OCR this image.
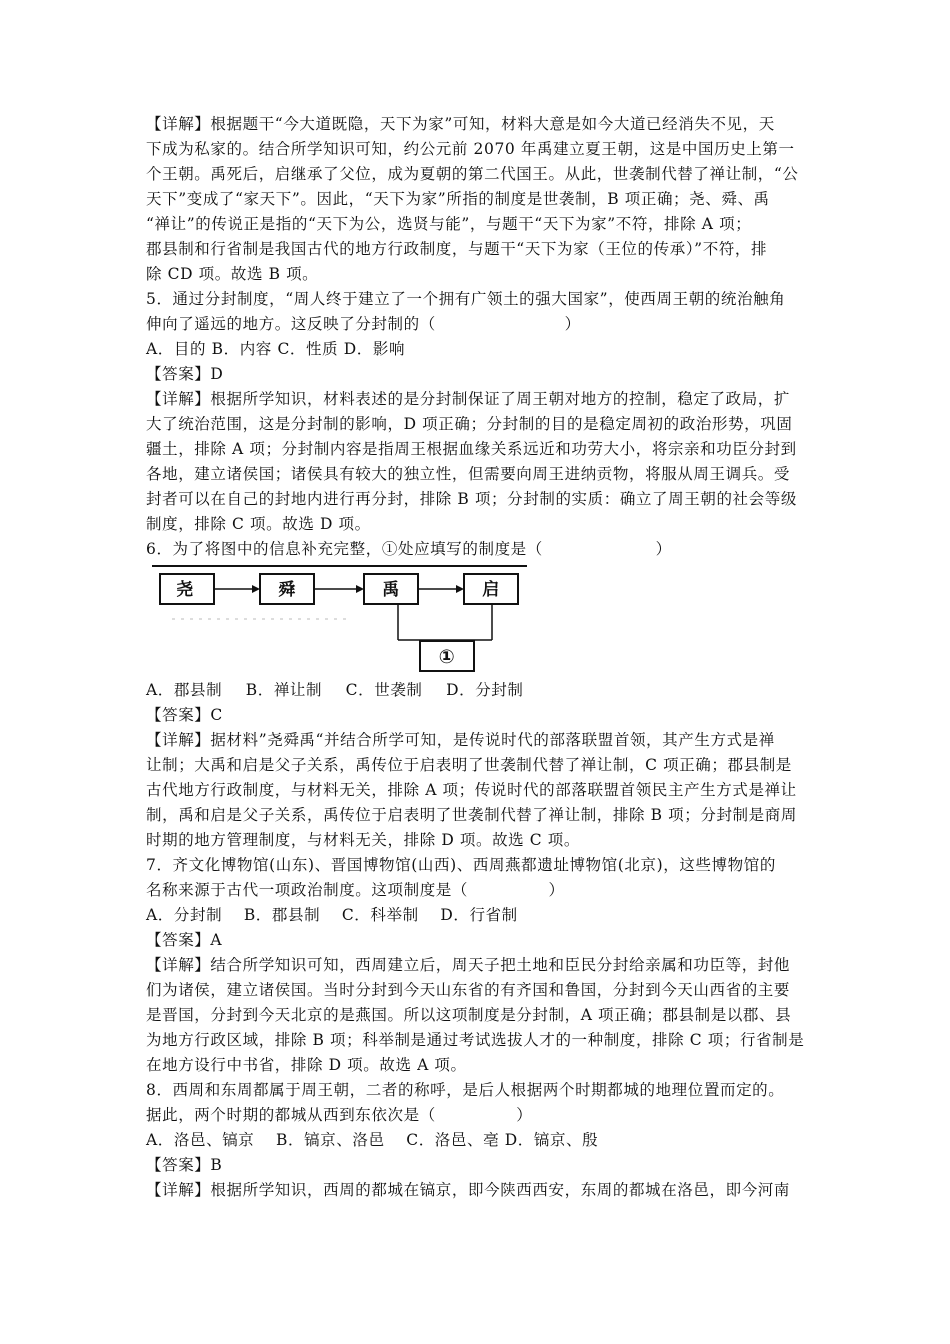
【详解】根据题干“今大道既隐，天下为家”可知，材料大意是如今大道已经消失不见，天
下成为私家的。结合所学知识可知，约公元前 2070 年禹建立夏王朝，这是中国历史上第一
个王朝。禹死后，启继承了父位，成为夏朝的第二代国王。从此，世袭制代替了禅让制，“公
天下”变成了“家天下”。因此，“天下为家”所指的制度是世袭制，B 项正确；尧、舜、禹
“禅让”的传说正是指的“天下为公，选贤与能”，与题干“天下为家”不符，排除 A 项；
郡县制和行省制是我国古代的地方行政制度，与题干“天下为家（王位的传承）”不符，排
除 CD 项。故选 B 项。
5．通过分封制度，“周人终于建立了一个拥有广领土的强大国家”，使西周王朝的统治触角
伸向了遥远的地方。这反映了分封制的（　　　　　　　　）
A．目的 B．内容 C．性质 D．影响
【答案】D
【详解】根据所学知识，材料表述的是分封制保证了周王朝对地方的控制，稳定了政局，扩
大了统治范围，这是分封制的影响，D 项正确；分封制的目的是稳定周初的政治形势，巩固
疆土，排除 A 项；分封制内容是指周王根据血缘关系远近和功劳大小，将宗亲和功臣分封到
各地，建立诸侯国；诸侯具有较大的独立性，但需要向周王进纳贡物，将服从周王调兵。受
封者可以在自己的封地内进行再分封，排除 B 项；分封制的实质：确立了周王朝的社会等级
制度，排除 C 项。故选 D 项。
6．为了将图中的信息补充完整，①处应填写的制度是（　　　　　　　）
尧	舜	禹	启
①
A．郡县制 B．禅让制 C．世袭制 D．分封制
【答案】C
【详解】据材料”尧舜禹“并结合所学可知，是传说时代的部落联盟首领，其产生方式是禅
让制；大禹和启是父子关系，禹传位于启表明了世袭制代替了禅让制，C 项正确；郡县制是
古代地方行政制度，与材料无关，排除 A 项；传说时代的部落联盟首领民主产生方式是禅让
制，禹和启是父子关系，禹传位于启表明了世袭制代替了禅让制，排除 B 项；分封制是商周
时期的地方管理制度，与材料无关，排除 D 项。故选 C 项。
7．齐文化博物馆(山东)、晋国博物馆(山西)、西周燕都遗址博物馆(北京)，这些博物馆的
名称来源于古代一项政治制度。这项制度是（　　　　　）
A．分封制　 B．郡县制　 C．科举制　 D．行省制
【答案】A
【详解】结合所学知识可知，西周建立后，周天子把土地和臣民分封给亲属和功臣等，封他
们为诸侯，建立诸侯国。当时分封到今天山东省的有齐国和鲁国，分封到今天山西省的主要
是晋国，分封到今天北京的是燕国。所以这项制度是分封制，A 项正确；郡县制是以郡、县
为地方行政区域，排除 B 项；科举制是通过考试选拔人才的一种制度，排除 C 项；行省制是
在地方设行中书省，排除 D 项。故选 A 项。
8．西周和东周都属于周王朝，二者的称呼，是后人根据两个时期都城的地理位置而定的。
据此，两个时期的都城从西到东依次是（　　　　　）
A．洛邑、镐京　 B．镐京、洛邑　 C．洛邑、亳 D．镐京、殷
【答案】B
【详解】根据所学知识，西周的都城在镐京，即今陕西西安，东周的都城在洛邑，即今河南
